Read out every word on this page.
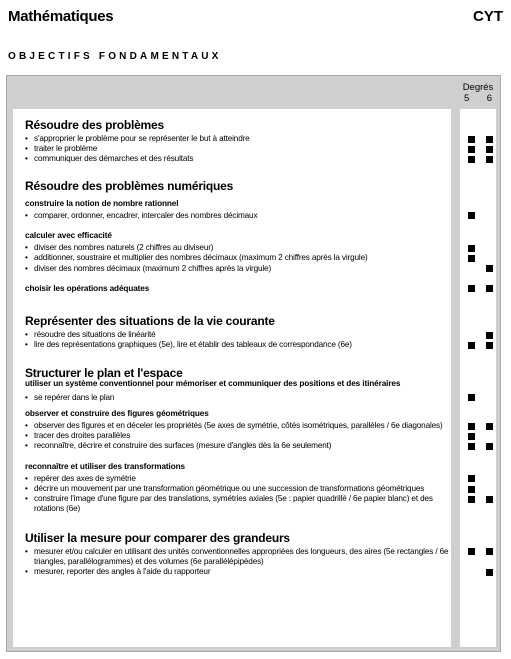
Mathématiques	CYT
OBJECTIFS FONDAMENTAUX
Degrés
5 6
Résoudre des problèmes
• s'approprier le problème pour se représenter le but à atteindre
• traiter le problème
• communiquer des démarches et des résultats
Résoudre des problèmes numériques
construire la notion de nombre rationnel
• comparer, ordonner, encadrer, intercaler des nombres décimaux
calculer avec efficacité
• diviser des nombres naturels (2 chiffres au diviseur)
• additionner, soustraire et multiplier des nombres décimaux (maximum 2 chiffres après la virgule)
• diviser des nombres décimaux (maximum 2 chiffres après la virgule)
choisir les opérations adéquates
Représenter des situations de la vie courante
• résoudre des situations de linéarité
• lire des représentations graphiques (5e), lire et établir des tableaux de correspondance (6e)
Structurer le plan et l'espace
utiliser un système conventionnel pour mémoriser et communiquer des positions et des itinéraires
• se repérer dans le plan
observer et construire des figures géométriques
• observer des figures et en déceler les propriétés (5e axes de symétrie, côtés isométriques, parallèles / 6e diagonales)
• tracer des droites parallèles
• reconnaître, décrire et construire des surfaces (mesure d'angles dès la 6e seulement)
reconnaître et utiliser des transformations
• repérer des axes de symétrie
• décrire un mouvement par une transformation géométrique ou une succession de transformations géométriques
• construire l'image d'une figure par des translations, symétries axiales (5e : papier quadrillé / 6e papier blanc) et des
rotations (6e)
Utiliser la mesure pour comparer des grandeurs
• mesurer et/ou calculer en utilisant des unités conventionnelles appropriées des longueurs, des aires (5e rectangles / 6e
triangles, parallélogrammes) et des volumes (6e parallélépipèdes)
• mesurer, reporter des angles à l'aide du rapporteur
